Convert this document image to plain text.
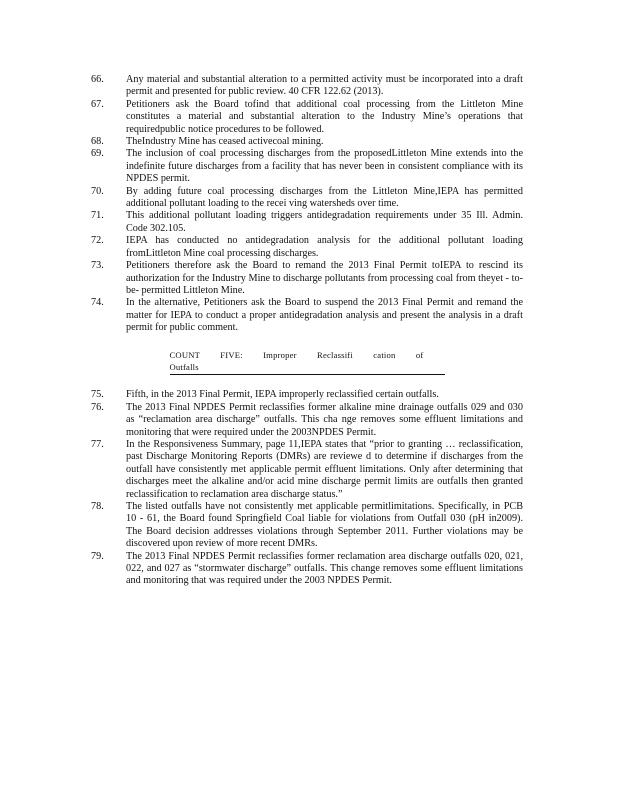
66. Any material and substantial alteration to a permitted activity must be incorporated into a draft permit and presented for public review. 40 CFR 122.62 (2013).

67. Petitioners ask the Board tofind that additional coal processing from the Littleton Mine constitutes a material and substantial alteration to the Industry Mine’s operations that requiredpublic notice procedures to be followed.

68. TheIndustry Mine has ceased activecoal mining.

69. The inclusion of coal processing discharges from the proposedLittleton Mine extends into the indefinite future discharges from a facility that has never been in consistent compliance with its NPDES permit.

70. By adding future coal processing discharges from the Littleton Mine,IEPA has permitted additional pollutant loading to the recei ving watersheds over time.

71. This additional pollutant loading triggers antidegradation requirements under 35 Ill. Admin. Code 302.105.

72. IEPA has conducted no antidegradation analysis for the additional pollutant loading fromLittleton Mine coal processing discharges.

73. Petitioners therefore ask the Board to remand the 2013 Final Permit toIEPA to rescind its authorization for the Industry Mine to discharge pollutants from processing coal from theyet - to-be- permitted Littleton Mine.

74. In the alternative, Petitioners ask the Board to suspend the 2013 Final Permit and remand the matter for IEPA to conduct a proper antidegradation analysis and present the analysis in a draft permit for public comment.

COUNT FIVE: Improper Reclassifi cation of Outfalls

75. Fifth, in the 2013 Final Permit, IEPA improperly reclassified certain outfalls.

76. The 2013 Final NPDES Permit reclassifies former alkaline mine drainage outfalls 029 and 030 as “reclamation area discharge” outfalls. This cha nge removes some effluent limitations and monitoring that were required under the 2003NPDES Permit.

77. In the Responsiveness Summary, page 11,IEPA states that “prior to granting … reclassification, past Discharge Monitoring Reports (DMRs) are reviewe d to determine if discharges from the outfall have consistently met applicable permit effluent limitations. Only after determining that discharges meet the alkaline and/or acid mine discharge permit limits are outfalls then granted reclassification to reclamation area discharge status.”

78. The listed outfalls have not consistently met applicable permitlimitations. Specifically, in PCB 10 - 61, the Board found Springfield Coal liable for violations from Outfall 030 (pH in2009). The Board decision addresses violations through September 2011. Further violations may be discovered upon review of more recent DMRs.

79. The 2013 Final NPDES Permit reclassifies former reclamation area discharge outfalls 020, 021, 022, and 027 as “stormwater discharge” outfalls. This change removes some effluent limitations and monitoring that was required under the 2003 NPDES Permit.
